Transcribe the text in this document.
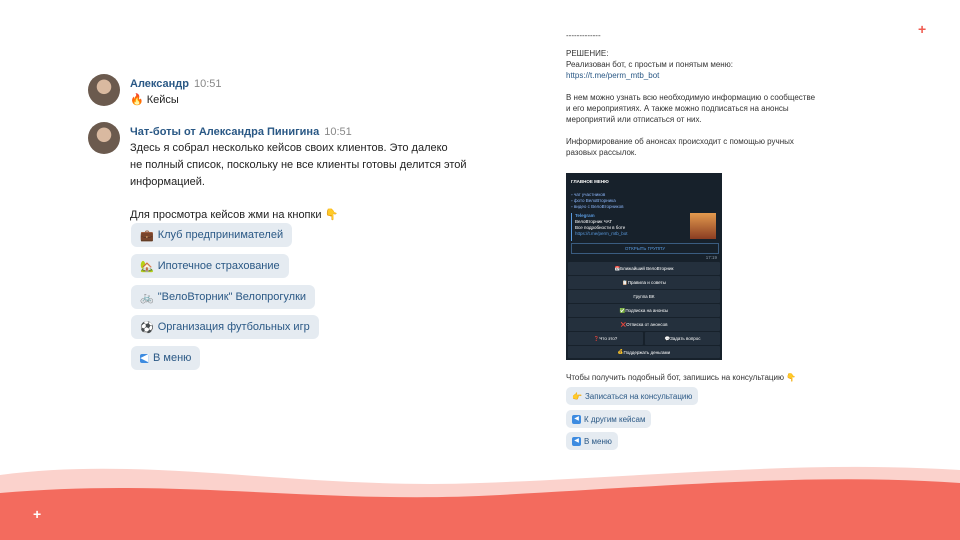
+
+
Александр 10:51
🔥 Кейсы
Чат-боты от Александра Пинигина 10:51
Здесь я собрал несколько кейсов своих клиентов. Это далеко
не полный список, поскольку не все клиенты готовы делится этой
информацией.
Для просмотра кейсов жми на кнопки 👇
💼 Клуб предпринимателей
🏡 Ипотечное страхование
🚲 "ВелоВторник" Велопрогулки
⚽ Организация футбольных игр
◀ В меню
-------------
РЕШЕНИЕ:
Реализован бот, с простым и понятым меню:
https://t.me/perm_mtb_bot
В нем можно узнать всю необходимую информацию о сообществе
и его мероприятиях. А также можно подписаться на анонсы
мероприятий или отписаться от них.
Информирование об анонсах происходит с помощью ручных
разовых рассылок.
ГЛАВНОЕ МЕНЮ
▫ чат участников
▫ фото ВелоВторника
▫ видео с ВелоВторников
Telegram
ВелоВторник ЧАТ
Все подробности в боте
https://t.me/perm_mtb_bot
ОТКРЫТЬ ГРУППУ
17:19
📅 Ближайший ВелоВторник
📋 Правила и советы
Группа ВК
✅ Подписка на анонсы
❌ Отписка от анонсов
❓ Что это?	💬 Задать вопрос
💰 Поддержать деньгами
Чтобы получить подобный бот, запишись на консультацию 👇
👉 Записаться на консультацию
◀ К другим кейсам
◀ В меню
